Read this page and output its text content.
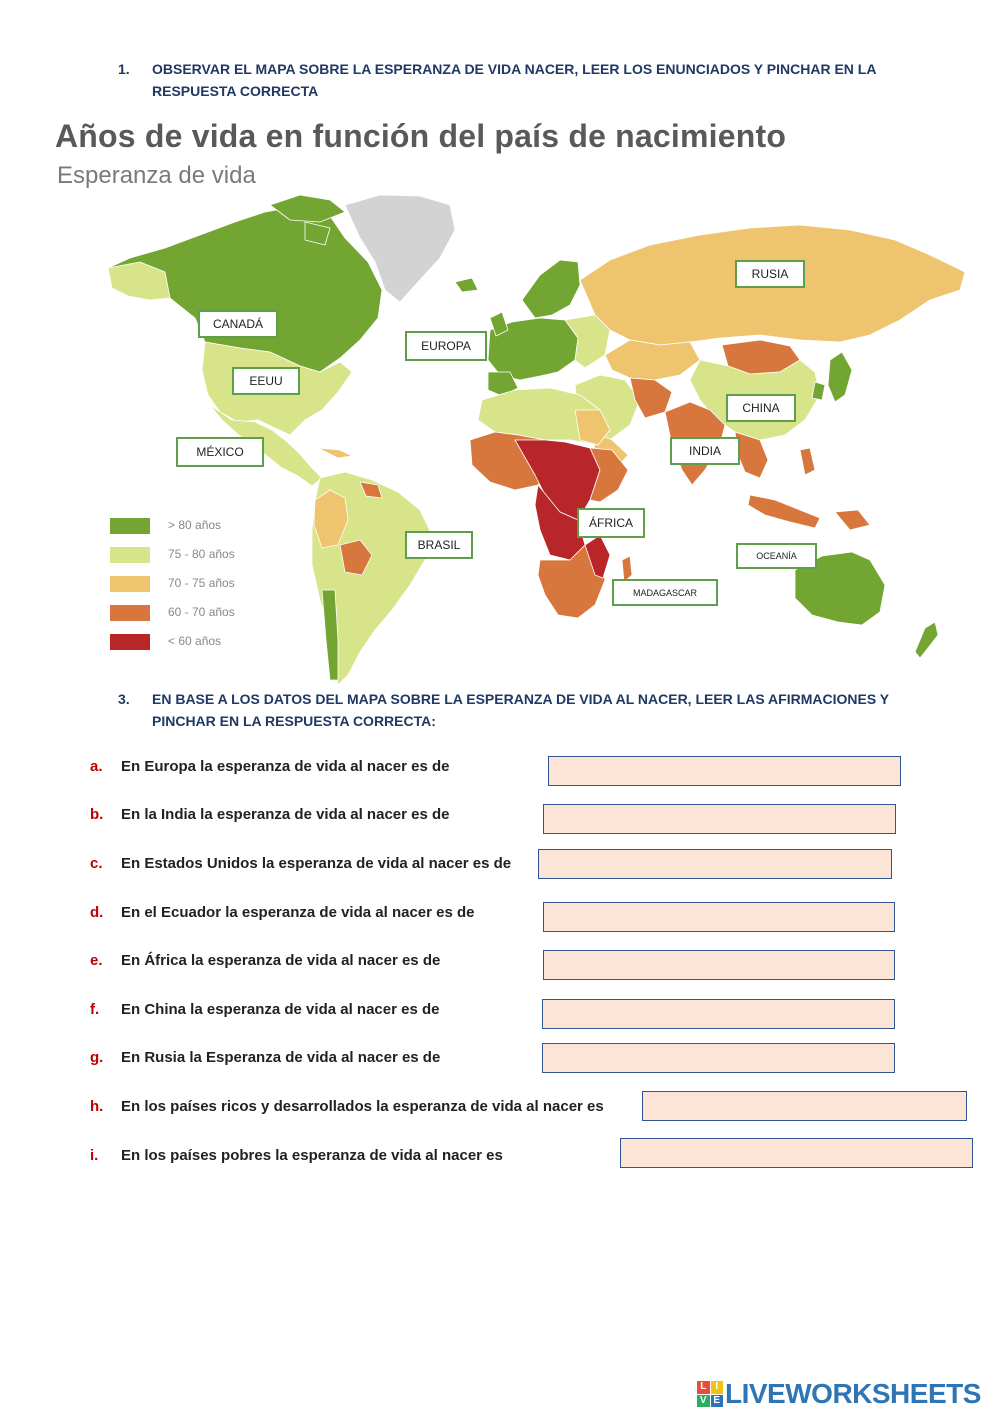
1. OBSERVAR EL MAPA SOBRE LA ESPERANZA DE VIDA NACER, LEER LOS ENUNCIADOS Y PINCHAR EN LA RESPUESTA CORRECTA
Años de vida en función del país de nacimiento
Esperanza de vida
RUSIA
CANADÁ
EUROPA
EEUU
CHINA
MÉXICO	INDIA
ÁFRICA
BRASIL
OCEANÍA
MADAGASCAR
> 80 años
75 - 80 años
70 - 75 años
60 - 70 años
< 60 años
3. EN BASE A LOS DATOS DEL MAPA SOBRE LA ESPERANZA DE VIDA AL NACER, LEER LAS AFIRMACIONES Y PINCHAR EN LA RESPUESTA CORRECTA:
a. En Europa la esperanza de vida al nacer es de
b. En la India la esperanza de vida al nacer es de
c. En Estados Unidos la esperanza de vida al nacer es de
d. En el Ecuador la esperanza de vida al nacer es de
e. En África la esperanza de vida al nacer es de
f. En China la esperanza de vida al nacer es de
g. En Rusia la Esperanza de vida al nacer es de
h. En los países ricos y desarrollados la esperanza de vida al nacer es
i. En los países pobres la esperanza de vida al nacer es
L I
V E LIVEWORKSHEETS
